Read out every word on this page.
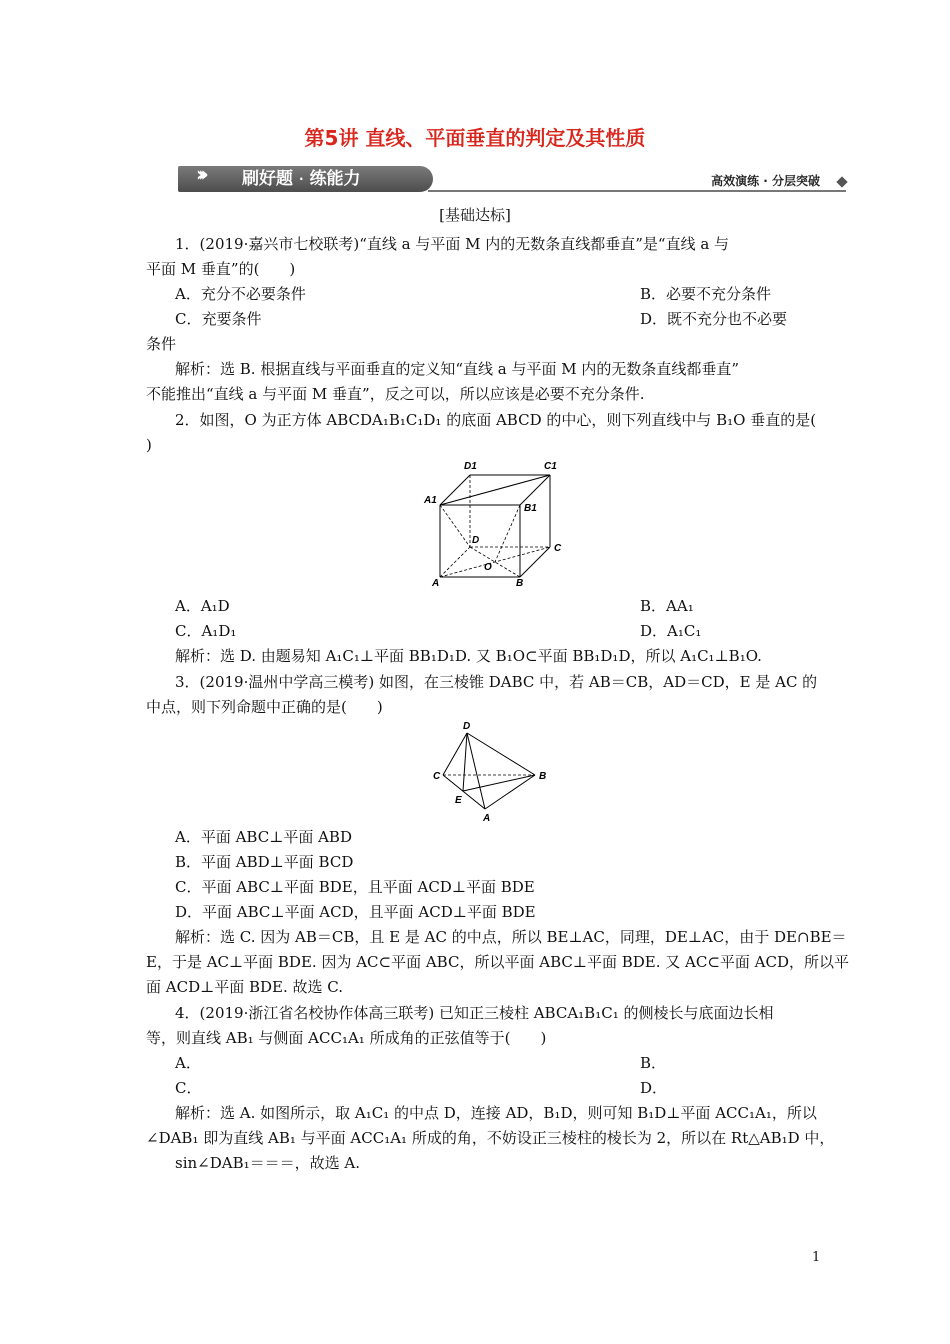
第5讲 直线、平面垂直的判定及其性质
››› 刷好题 · 练能力	高效演练 · 分层突破
[基础达标]
1．(2019·嘉兴市七校联考)“直线 a 与平面 M 内的无数条直线都垂直”是“直线 a 与
平面 M 垂直”的(　　)
A．充分不必要条件	B．必要不充分条件
C．充要条件	D．既不充分也不必要
条件
解析：选 B. 根据直线与平面垂直的定义知“直线 a 与平面 M 内的无数条直线都垂直”
不能推出“直线 a 与平面 M 垂直”，反之可以，所以应该是必要不充分条件.
2．如图，O 为正方体 ABCDA₁B₁C₁D₁ 的底面 ABCD 的中心，则下列直线中与 B₁O 垂直的是(
)
D1	C1
A1
B1
D
C
O
A	B
A．A₁D	B．AA₁
C．A₁D₁	D．A₁C₁
解析：选 D. 由题易知 A₁C₁⊥平面 BB₁D₁D. 又 B₁O⊂平面 BB₁D₁D，所以 A₁C₁⊥B₁O.
3．(2019·温州中学高三模考) 如图，在三棱锥 DABC 中，若 AB＝CB，AD＝CD，E 是 AC 的
中点，则下列命题中正确的是(　　)
D
C	B
E
A
A．平面 ABC⊥平面 ABD
B．平面 ABD⊥平面 BCD
C．平面 ABC⊥平面 BDE，且平面 ACD⊥平面 BDE
D．平面 ABC⊥平面 ACD，且平面 ACD⊥平面 BDE
解析：选 C. 因为 AB＝CB，且 E 是 AC 的中点，所以 BE⊥AC，同理，DE⊥AC，由于 DE∩BE＝
E，于是 AC⊥平面 BDE. 因为 AC⊂平面 ABC，所以平面 ABC⊥平面 BDE. 又 AC⊂平面 ACD，所以平
面 ACD⊥平面 BDE. 故选 C.
4．(2019·浙江省名校协作体高三联考) 已知正三棱柱 ABCA₁B₁C₁ 的侧棱长与底面边长相
等，则直线 AB₁ 与侧面 ACC₁A₁ 所成角的正弦值等于(　　)
A．	B．
C．	D．
解析：选 A. 如图所示，取 A₁C₁ 的中点 D，连接 AD，B₁D，则可知 B₁D⊥平面 ACC₁A₁，所以
∠DAB₁ 即为直线 AB₁ 与平面 ACC₁A₁ 所成的角，不妨设正三棱柱的棱长为 2，所以在 Rt△AB₁D 中，
sin∠DAB₁＝＝＝，故选 A.
1
